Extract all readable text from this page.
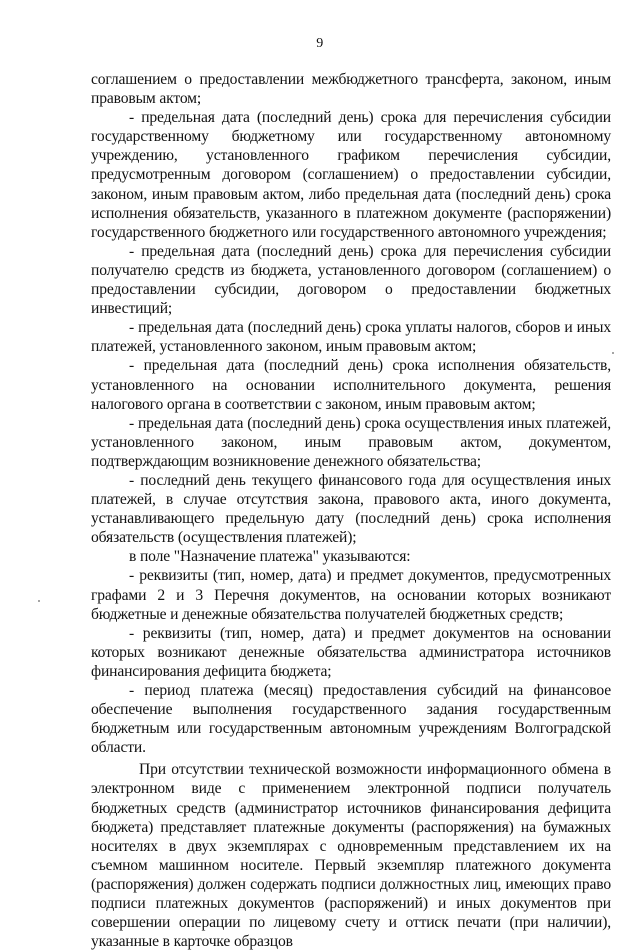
9

соглашением о предоставлении межбюджетного трансферта, законом, иным правовым актом;

- предельная дата (последний день) срока для перечисления субсидии государственному бюджетному или государственному автономному учреждению, установленного графиком перечисления субсидии, предусмотренным договором (соглашением) о предоставлении субсидии, законом, иным правовым актом, либо предельная дата (последний день) срока исполнения обязательств, указанного в платежном документе (распоряжении) государственного бюджетного или государственного автономного учреждения;

- предельная дата (последний день) срока для перечисления субсидии получателю средств из бюджета, установленного договором (соглашением) о предоставлении субсидии, договором о предоставлении бюджетных инвестиций;

- предельная дата (последний день) срока уплаты налогов, сборов и иных платежей, установленного законом, иным правовым актом;

- предельная дата (последний день) срока исполнения обязательств, установленного на основании исполнительного документа, решения налогового органа в соответствии с законом, иным правовым актом;

- предельная дата (последний день) срока осуществления иных платежей, установленного законом, иным правовым актом, документом, подтверждающим возникновение денежного обязательства;

- последний день текущего финансового года для осуществления иных платежей, в случае отсутствия закона, правового акта, иного документа, устанавливающего предельную дату (последний день) срока исполнения обязательств (осуществления платежей);

в поле "Назначение платежа" указываются:

- реквизиты (тип, номер, дата) и предмет документов, предусмотренных графами 2 и 3 Перечня документов, на основании которых возникают бюджетные и денежные обязательства получателей бюджетных средств;

- реквизиты (тип, номер, дата) и предмет документов на основании которых возникают денежные обязательства администратора источников финансирования дефицита бюджета;

- период платежа (месяц) предоставления субсидий на финансовое обеспечение выполнения государственного задания государственным бюджетным или государственным автономным учреждениям Волгоградской области.

При отсутствии технической возможности информационного обмена в электронном виде с применением электронной подписи получатель бюджетных средств (администратор источников финансирования дефицита бюджета) представляет платежные документы (распоряжения) на бумажных носителях в двух экземплярах с одновременным представлением их на съемном машинном носителе. Первый экземпляр платежного документа (распоряжения) должен содержать подписи должностных лиц, имеющих право подписи платежных документов (распоряжений) и иных документов при совершении операции по лицевому счету и оттиск печати (при наличии), указанные в карточке образцов
